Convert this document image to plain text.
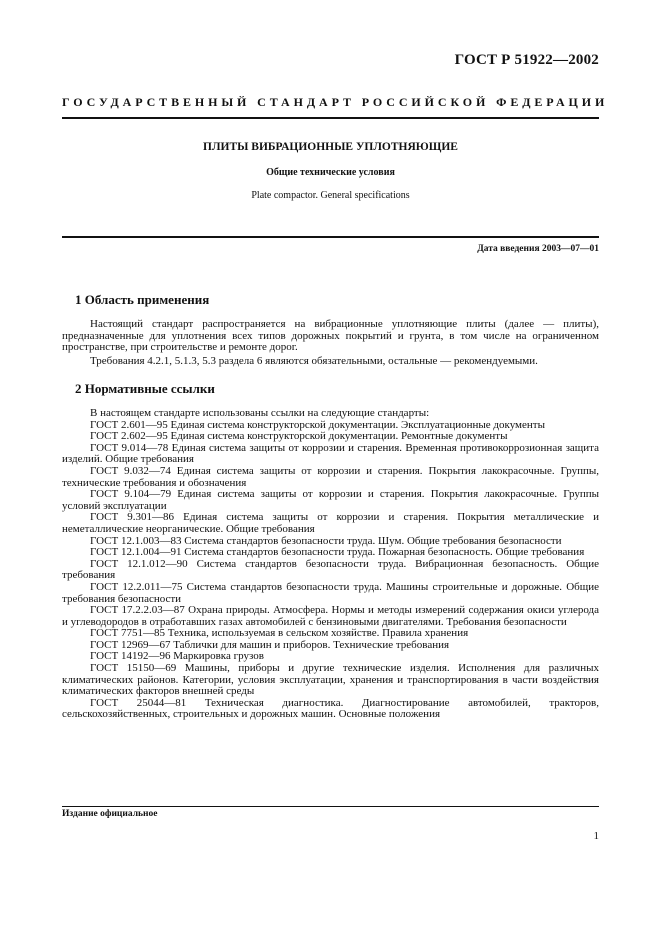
ГОСТ Р 51922—2002
ГОСУДАРСТВЕННЫЙ СТАНДАРТ РОССИЙСКОЙ ФЕДЕРАЦИИ
ПЛИТЫ ВИБРАЦИОННЫЕ УПЛОТНЯЮЩИЕ
Общие технические условия
Plate compactor. General specifications
Дата введения 2003—07—01
1 Область применения
Настоящий стандарт распространяется на вибрационные уплотняющие плиты (далее — плиты), предназначенные для уплотнения всех типов дорожных покрытий и грунта, в том числе на ограниченном пространстве, при строительстве и ремонте дорог.
Требования 4.2.1, 5.1.3, 5.3 раздела 6 являются обязательными, остальные — рекомендуемыми.
2 Нормативные ссылки
В настоящем стандарте использованы ссылки на следующие стандарты:
ГОСТ 2.601—95 Единая система конструкторской документации. Эксплуатационные документы
ГОСТ 2.602—95 Единая система конструкторской документации. Ремонтные документы
ГОСТ 9.014—78 Единая система защиты от коррозии и старения. Временная противокоррозионная защита изделий. Общие требования
ГОСТ 9.032—74 Единая система защиты от коррозии и старения. Покрытия лакокрасочные. Группы, технические требования и обозначения
ГОСТ 9.104—79 Единая система защиты от коррозии и старения. Покрытия лакокрасочные. Группы условий эксплуатации
ГОСТ 9.301—86 Единая система защиты от коррозии и старения. Покрытия металлические и неметаллические неорганические. Общие требования
ГОСТ 12.1.003—83 Система стандартов безопасности труда. Шум. Общие требования безопасности
ГОСТ 12.1.004—91 Система стандартов безопасности труда. Пожарная безопасность. Общие требования
ГОСТ 12.1.012—90 Система стандартов безопасности труда. Вибрационная безопасность. Общие требования
ГОСТ 12.2.011—75 Система стандартов безопасности труда. Машины строительные и дорожные. Общие требования безопасности
ГОСТ 17.2.2.03—87 Охрана природы. Атмосфера. Нормы и методы измерений содержания окиси углерода и углеводородов в отработавших газах автомобилей с бензиновыми двигателями. Требования безопасности
ГОСТ 7751—85 Техника, используемая в сельском хозяйстве. Правила хранения
ГОСТ 12969—67 Таблички для машин и приборов. Технические требования
ГОСТ 14192—96 Маркировка грузов
ГОСТ 15150—69 Машины, приборы и другие технические изделия. Исполнения для различных климатических районов. Категории, условия эксплуатации, хранения и транспортирования в части воздействия климатических факторов внешней среды
ГОСТ 25044—81 Техническая диагностика. Диагностирование автомобилей, тракторов, сельскохозяйственных, строительных и дорожных машин. Основные положения
Издание официальное
1
